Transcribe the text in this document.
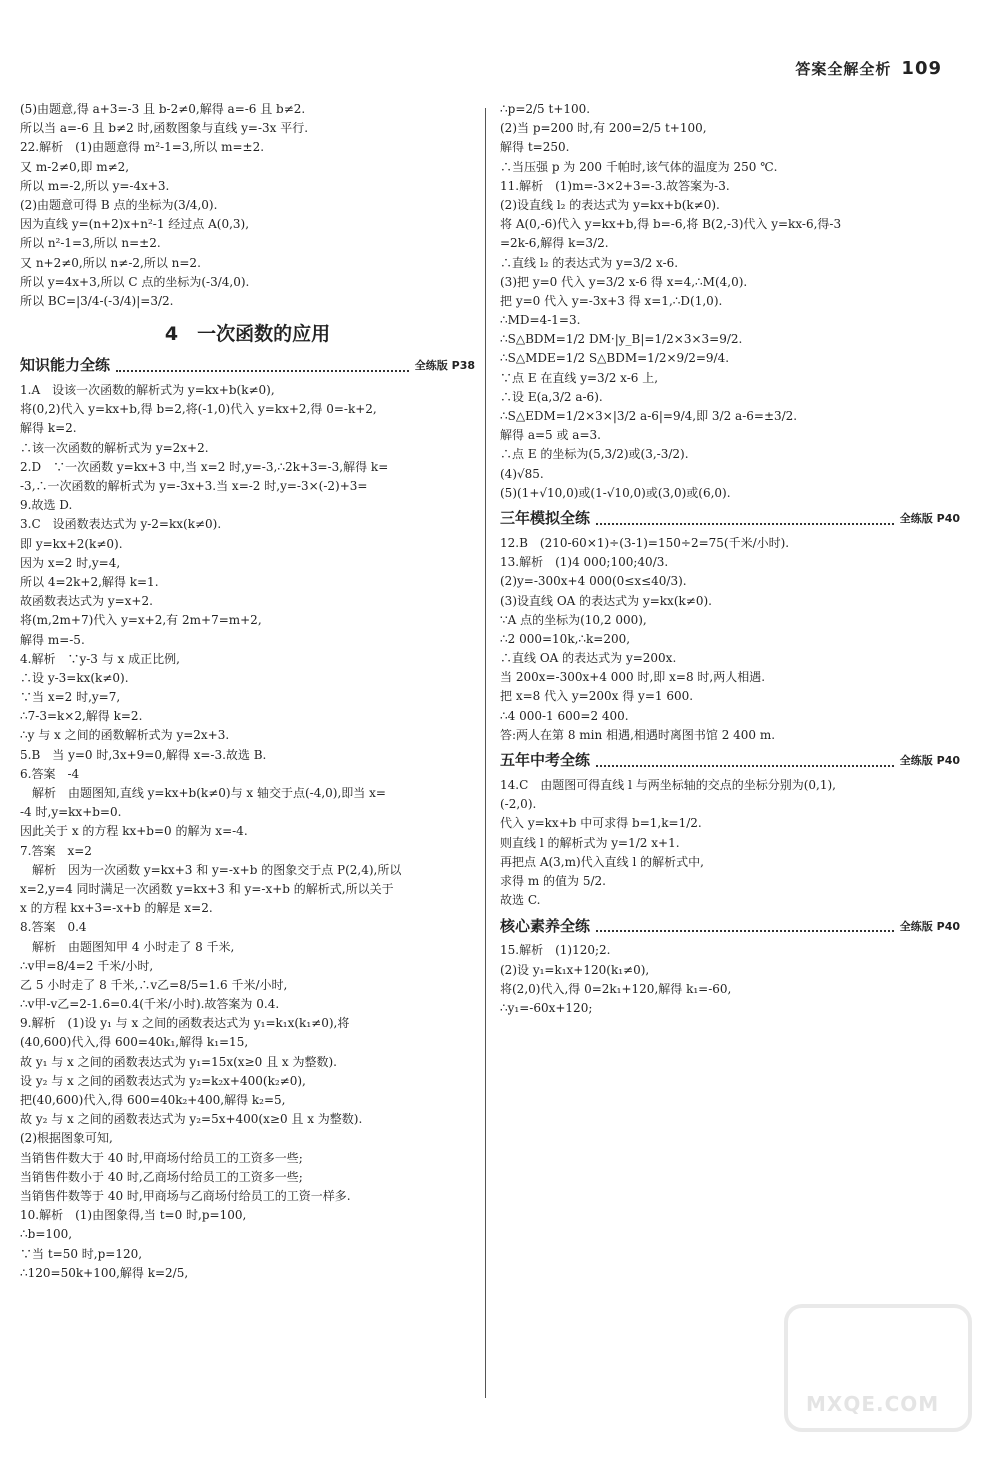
答案全解全析 109
(5)由题意,得 a+3=-3 且 b-2≠0,解得 a=-6 且 b≠2.
所以当 a=-6 且 b≠2 时,函数图象与直线 y=-3x 平行.
22.解析　(1)由题意得 m²-1=3,所以 m=±2.
又 m-2≠0,即 m≠2,
所以 m=-2,所以 y=-4x+3.
(2)由题意可得 B 点的坐标为(3/4,0).
因为直线 y=(n+2)x+n²-1 经过点 A(0,3),
所以 n²-1=3,所以 n=±2.
又 n+2≠0,所以 n≠-2,所以 n=2.
所以 y=4x+3,所以 C 点的坐标为(-3/4,0).
所以 BC=|3/4-(-3/4)|=3/2.
4　一次函数的应用
知识能力全练	全练版 P38
1.A　设该一次函数的解析式为 y=kx+b(k≠0),
将(0,2)代入 y=kx+b,得 b=2,将(-1,0)代入 y=kx+2,得 0=-k+2,
解得 k=2.
∴该一次函数的解析式为 y=2x+2.
2.D　∵一次函数 y=kx+3 中,当 x=2 时,y=-3,∴2k+3=-3,解得 k=
-3,∴一次函数的解析式为 y=-3x+3.当 x=-2 时,y=-3×(-2)+3=
9.故选 D.
3.C　设函数表达式为 y-2=kx(k≠0).
即 y=kx+2(k≠0).
因为 x=2 时,y=4,
所以 4=2k+2,解得 k=1.
故函数表达式为 y=x+2.
将(m,2m+7)代入 y=x+2,有 2m+7=m+2,
解得 m=-5.
4.解析　∵y-3 与 x 成正比例,
∴设 y-3=kx(k≠0).
∵当 x=2 时,y=7,
∴7-3=k×2,解得 k=2.
∴y 与 x 之间的函数解析式为 y=2x+3.
5.B　当 y=0 时,3x+9=0,解得 x=-3.故选 B.
6.答案　-4
　解析　由题图知,直线 y=kx+b(k≠0)与 x 轴交于点(-4,0),即当 x=
-4 时,y=kx+b=0.
因此关于 x 的方程 kx+b=0 的解为 x=-4.
7.答案　x=2
　解析　因为一次函数 y=kx+3 和 y=-x+b 的图象交于点 P(2,4),所以
x=2,y=4 同时满足一次函数 y=kx+3 和 y=-x+b 的解析式,所以关于
x 的方程 kx+3=-x+b 的解是 x=2.
8.答案　0.4
　解析　由题图知甲 4 小时走了 8 千米,
∴v甲=8/4=2 千米/小时,
乙 5 小时走了 8 千米,∴v乙=8/5=1.6 千米/小时,
∴v甲-v乙=2-1.6=0.4(千米/小时).故答案为 0.4.
9.解析　(1)设 y₁ 与 x 之间的函数表达式为 y₁=k₁x(k₁≠0),将
(40,600)代入,得 600=40k₁,解得 k₁=15,
故 y₁ 与 x 之间的函数表达式为 y₁=15x(x≥0 且 x 为整数).
设 y₂ 与 x 之间的函数表达式为 y₂=k₂x+400(k₂≠0),
把(40,600)代入,得 600=40k₂+400,解得 k₂=5,
故 y₂ 与 x 之间的函数表达式为 y₂=5x+400(x≥0 且 x 为整数).
(2)根据图象可知,
当销售件数大于 40 时,甲商场付给员工的工资多一些;
当销售件数小于 40 时,乙商场付给员工的工资多一些;
当销售件数等于 40 时,甲商场与乙商场付给员工的工资一样多.
10.解析　(1)由图象得,当 t=0 时,p=100,
∴b=100,
∵当 t=50 时,p=120,
∴120=50k+100,解得 k=2/5,
∴p=2/5 t+100.
(2)当 p=200 时,有 200=2/5 t+100,
解得 t=250.
∴当压强 p 为 200 千帕时,该气体的温度为 250 ℃.
11.解析　(1)m=-3×2+3=-3.故答案为-3.
(2)设直线 l₂ 的表达式为 y=kx+b(k≠0).
将 A(0,-6)代入 y=kx+b,得 b=-6,将 B(2,-3)代入 y=kx-6,得-3
=2k-6,解得 k=3/2.
∴直线 l₂ 的表达式为 y=3/2 x-6.
(3)把 y=0 代入 y=3/2 x-6 得 x=4,∴M(4,0).
把 y=0 代入 y=-3x+3 得 x=1,∴D(1,0).
∴MD=4-1=3.
∴S△BDM=1/2 DM·|y_B|=1/2×3×3=9/2.
∴S△MDE=1/2 S△BDM=1/2×9/2=9/4.
∵点 E 在直线 y=3/2 x-6 上,
∴设 E(a,3/2 a-6).
∴S△EDM=1/2×3×|3/2 a-6|=9/4,即 3/2 a-6=±3/2.
解得 a=5 或 a=3.
∴点 E 的坐标为(5,3/2)或(3,-3/2).
(4)√85.
(5)(1+√10,0)或(1-√10,0)或(3,0)或(6,0).
三年模拟全练	全练版 P40
12.B　(210-60×1)÷(3-1)=150÷2=75(千米/小时).
13.解析　(1)4 000;100;40/3.
(2)y=-300x+4 000(0≤x≤40/3).
(3)设直线 OA 的表达式为 y=kx(k≠0).
∵A 点的坐标为(10,2 000),
∴2 000=10k,∴k=200,
∴直线 OA 的表达式为 y=200x.
当 200x=-300x+4 000 时,即 x=8 时,两人相遇.
把 x=8 代入 y=200x 得 y=1 600.
∴4 000-1 600=2 400.
答:两人在第 8 min 相遇,相遇时离图书馆 2 400 m.
五年中考全练	全练版 P40
14.C　由题图可得直线 l 与两坐标轴的交点的坐标分别为(0,1),
(-2,0).
代入 y=kx+b 中可求得 b=1,k=1/2.
则直线 l 的解析式为 y=1/2 x+1.
再把点 A(3,m)代入直线 l 的解析式中,
求得 m 的值为 5/2.
故选 C.
核心素养全练	全练版 P40
15.解析　(1)120;2.
(2)设 y₁=k₁x+120(k₁≠0),
将(2,0)代入,得 0=2k₁+120,解得 k₁=-60,
∴y₁=-60x+120;
MXQE.COM
